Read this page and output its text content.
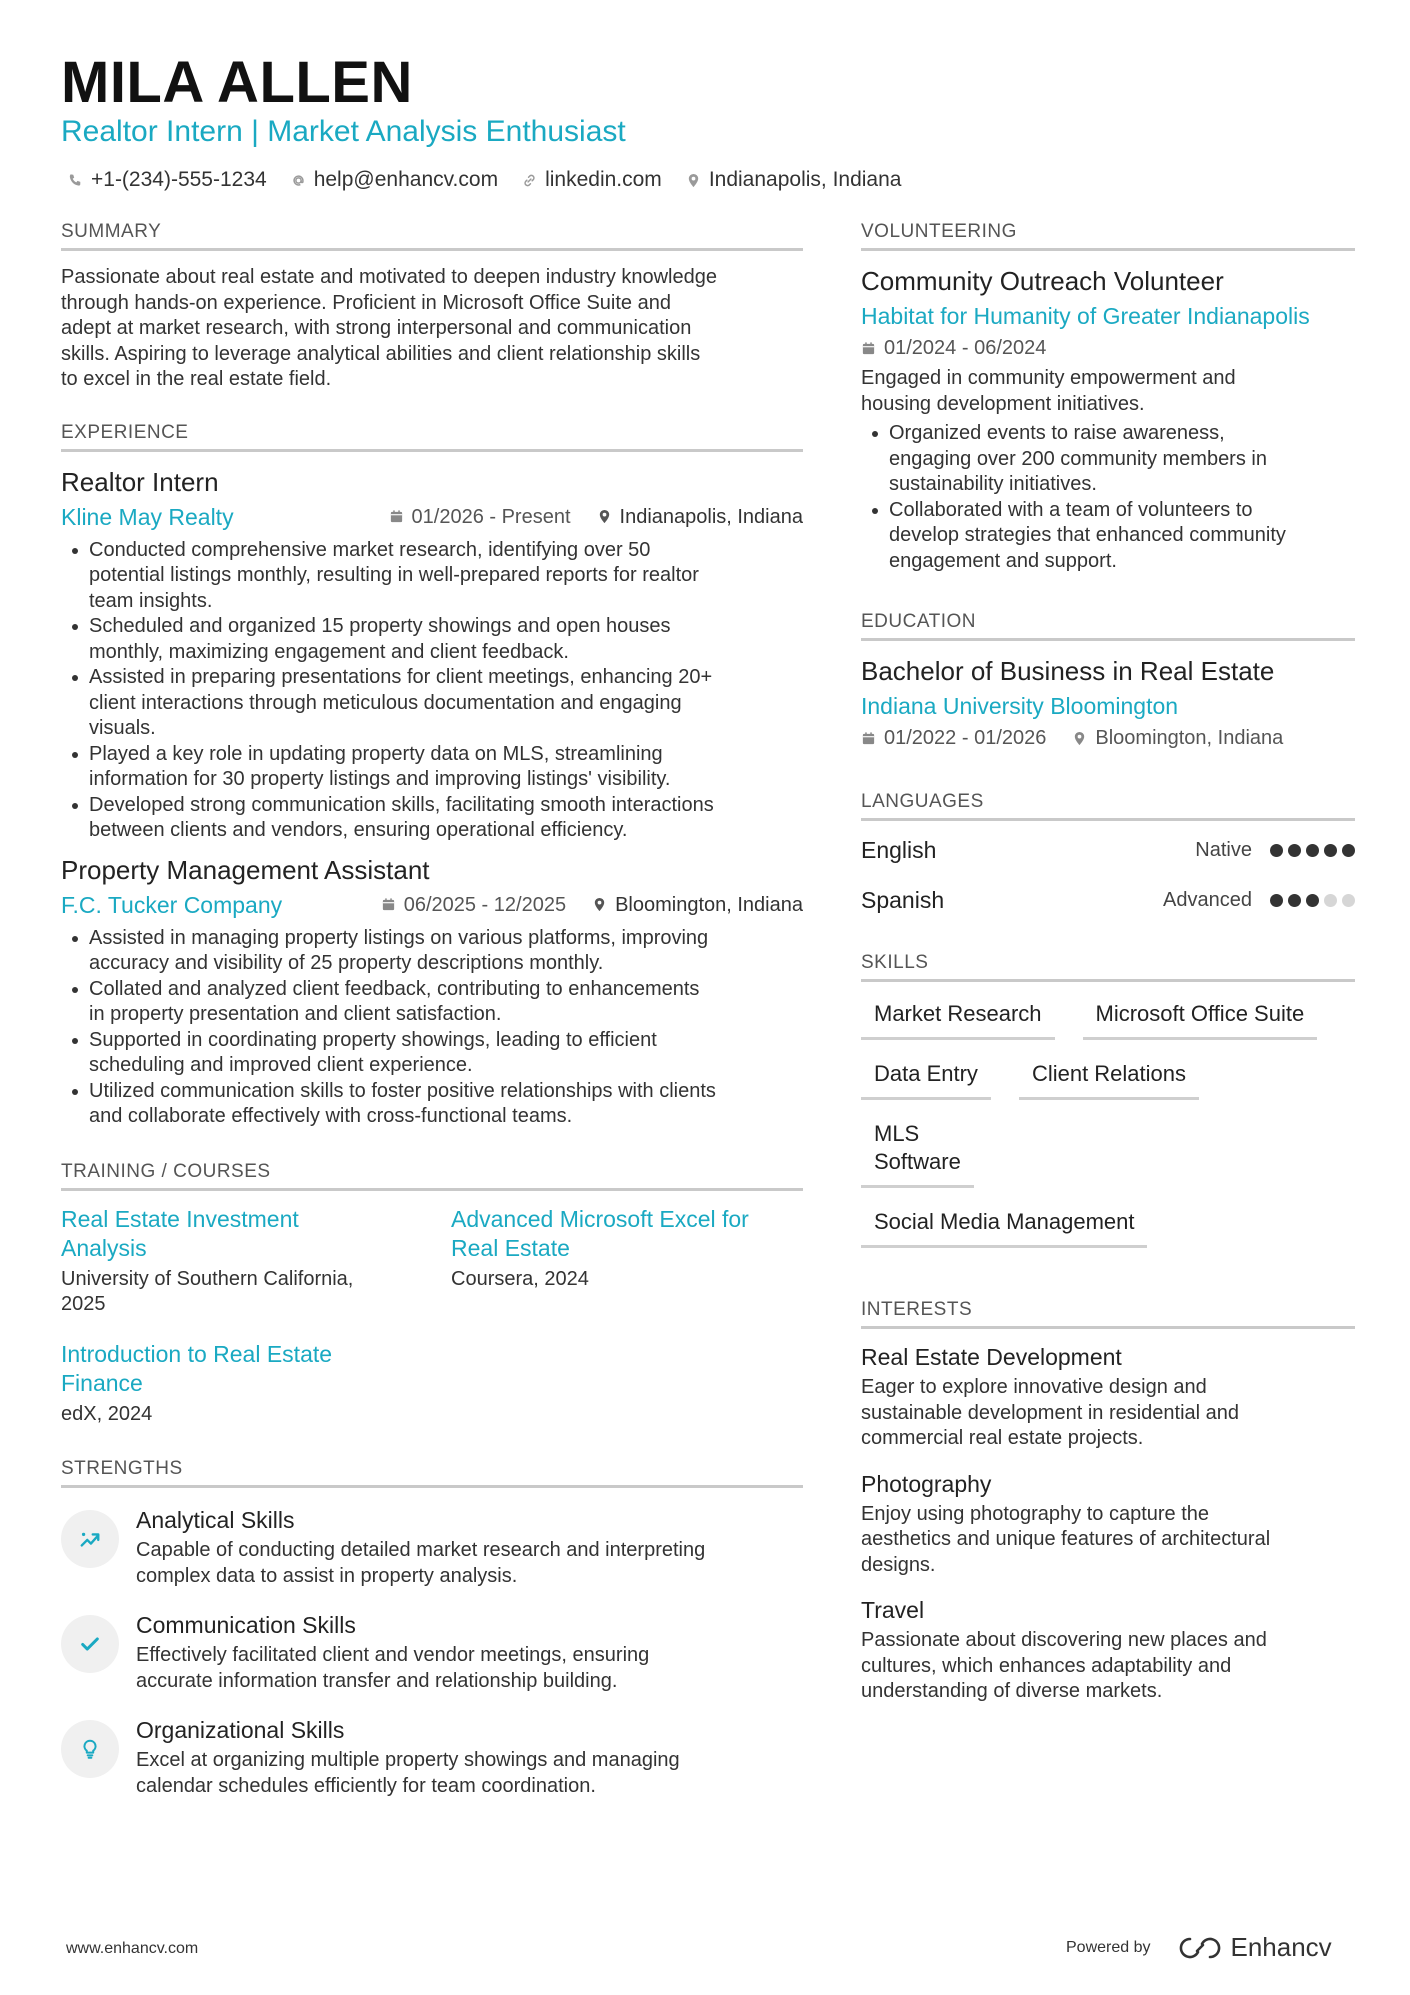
MILA ALLEN
Realtor Intern | Market Analysis Enthusiast
+1-(234)-555-1234 help@enhancv.com linkedin.com Indianapolis, Indiana
SUMMARY
Passionate about real estate and motivated to deepen industry knowledge
through hands-on experience. Proficient in Microsoft Office Suite and
adept at market research, with strong interpersonal and communication
skills. Aspiring to leverage analytical abilities and client relationship skills
to excel in the real estate field.
EXPERIENCE
Realtor Intern
Kline May Realty	01/2026 - Present Indianapolis, Indiana
Conducted comprehensive market research, identifying over 50
potential listings monthly, resulting in well-prepared reports for realtor
team insights.
Scheduled and organized 15 property showings and open houses
monthly, maximizing engagement and client feedback.
Assisted in preparing presentations for client meetings, enhancing 20+
client interactions through meticulous documentation and engaging
visuals.
Played a key role in updating property data on MLS, streamlining
information for 30 property listings and improving listings' visibility.
Developed strong communication skills, facilitating smooth interactions
between clients and vendors, ensuring operational efficiency.
Property Management Assistant
F.C. Tucker Company	06/2025 - 12/2025 Bloomington, Indiana
Assisted in managing property listings on various platforms, improving
accuracy and visibility of 25 property descriptions monthly.
Collated and analyzed client feedback, contributing to enhancements
in property presentation and client satisfaction.
Supported in coordinating property showings, leading to efficient
scheduling and improved client experience.
Utilized communication skills to foster positive relationships with clients
and collaborate effectively with cross-functional teams.
TRAINING / COURSES
Real Estate Investment
Analysis
University of Southern California,
2025
Advanced Microsoft Excel for
Real Estate
Coursera, 2024
Introduction to Real Estate
Finance
edX, 2024
STRENGTHS
Analytical Skills
Capable of conducting detailed market research and interpreting
complex data to assist in property analysis.
Communication Skills
Effectively facilitated client and vendor meetings, ensuring
accurate information transfer and relationship building.
Organizational Skills
Excel at organizing multiple property showings and managing
calendar schedules efficiently for team coordination.
VOLUNTEERING
Community Outreach Volunteer
Habitat for Humanity of Greater Indianapolis
01/2024 - 06/2024
Engaged in community empowerment and
housing development initiatives.
Organized events to raise awareness,
engaging over 200 community members in
sustainability initiatives.
Collaborated with a team of volunteers to
develop strategies that enhanced community
engagement and support.
EDUCATION
Bachelor of Business in Real Estate
Indiana University Bloomington
01/2022 - 01/2026 Bloomington, Indiana
LANGUAGES
English	Native
Spanish	Advanced
SKILLS
Market Research	Microsoft Office Suite
Data Entry	Client Relations
MLS Software
Social Media Management
INTERESTS
Real Estate Development
Eager to explore innovative design and
sustainable development in residential and
commercial real estate projects.
Photography
Enjoy using photography to capture the
aesthetics and unique features of architectural
designs.
Travel
Passionate about discovering new places and
cultures, which enhances adaptability and
understanding of diverse markets.
www.enhancv.com	Powered by	Enhancv
